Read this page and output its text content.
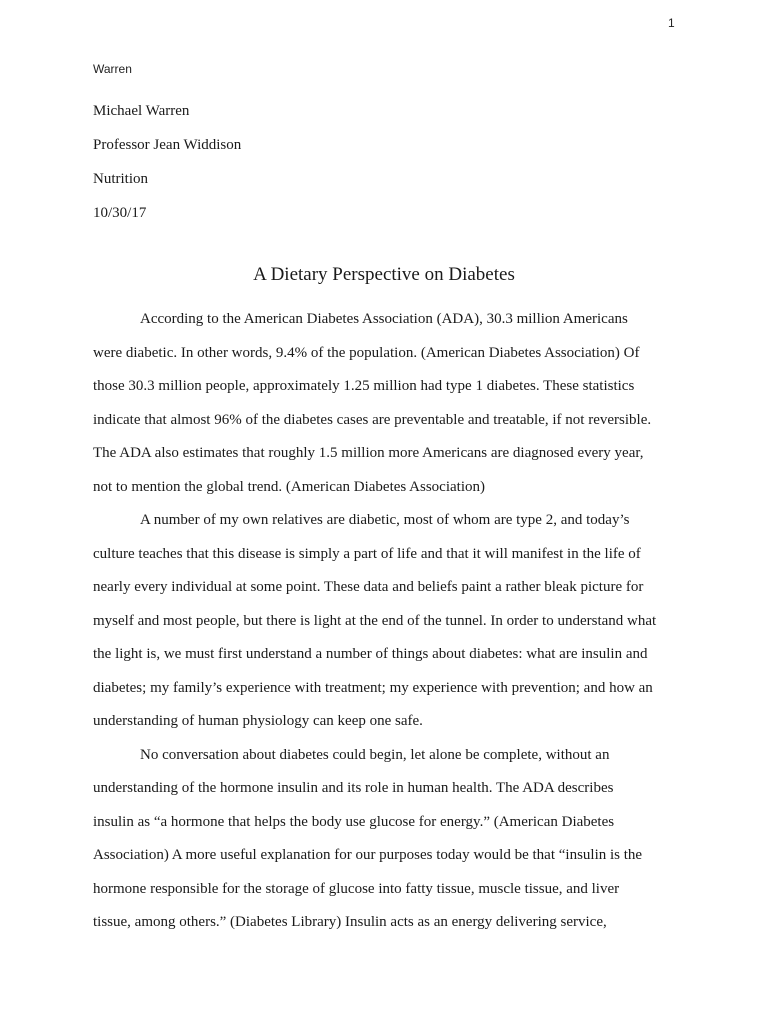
1
Warren
Michael Warren
Professor Jean Widdison
Nutrition
10/30/17
A Dietary Perspective on Diabetes
According to the American Diabetes Association (ADA), 30.3 million Americans
were diabetic. In other words, 9.4% of the population. (American Diabetes Association) Of
those 30.3 million people, approximately 1.25 million had type 1 diabetes. These statistics
indicate that almost 96% of the diabetes cases are preventable and treatable, if not reversible.
The ADA also estimates that roughly 1.5 million more Americans are diagnosed every year,
not to mention the global trend. (American Diabetes Association)
A number of my own relatives are diabetic, most of whom are type 2, and today’s
culture teaches that this disease is simply a part of life and that it will manifest in the life of
nearly every individual at some point. These data and beliefs paint a rather bleak picture for
myself and most people, but there is light at the end of the tunnel. In order to understand what
the light is, we must first understand a number of things about diabetes: what are insulin and
diabetes; my family’s experience with treatment; my experience with prevention; and how an
understanding of human physiology can keep one safe.
No conversation about diabetes could begin, let alone be complete, without an
understanding of the hormone insulin and its role in human health. The ADA describes
insulin as “a hormone that helps the body use glucose for energy.” (American Diabetes
Association) A more useful explanation for our purposes today would be that “insulin is the
hormone responsible for the storage of glucose into fatty tissue, muscle tissue, and liver
tissue, among others.” (Diabetes Library) Insulin acts as an energy delivering service,
